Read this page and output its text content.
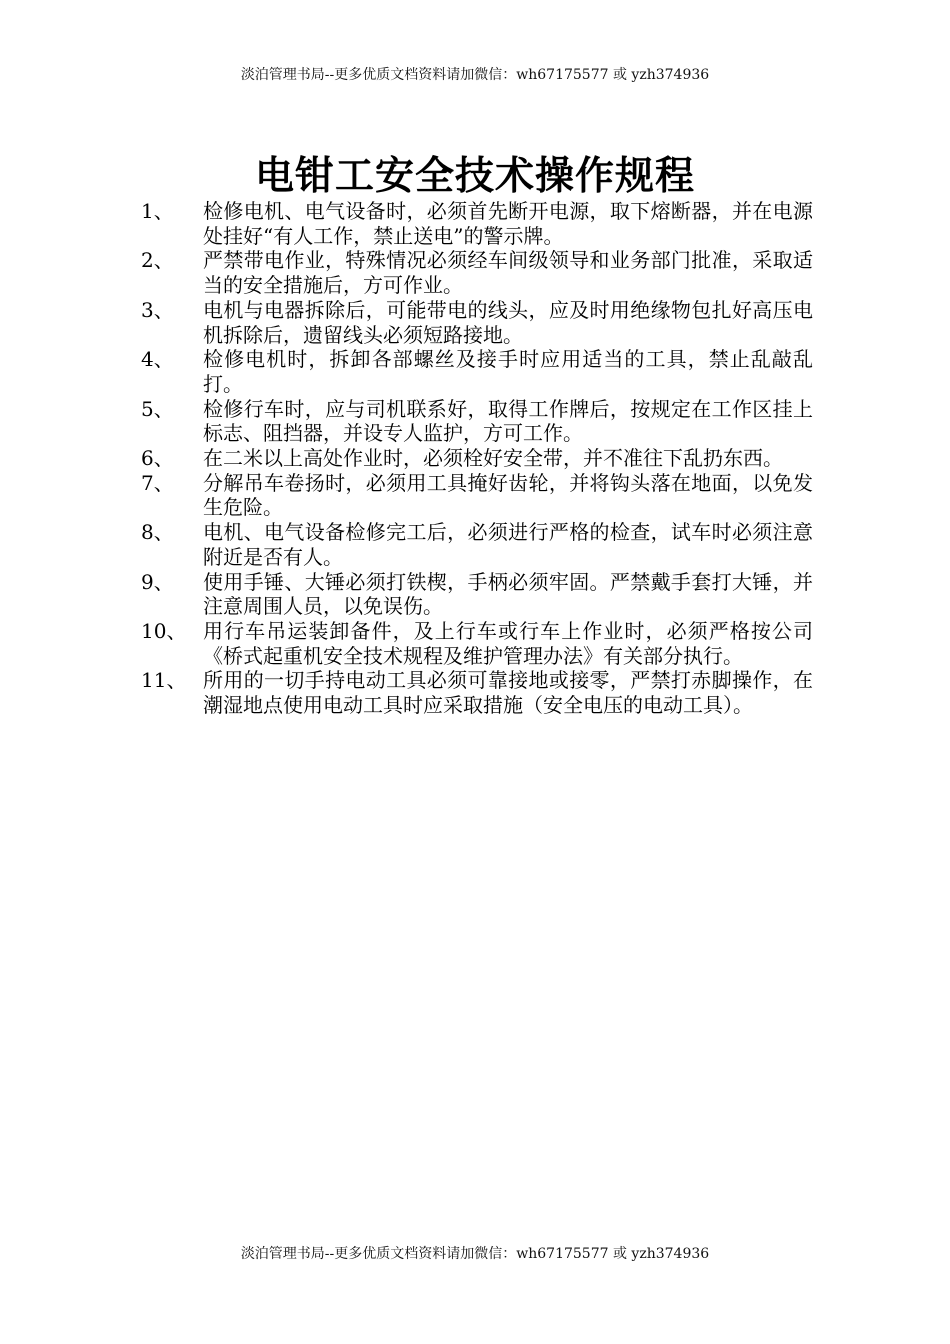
淡泊管理书局--更多优质文档资料请加微信：wh67175577 或 yzh374936
电钳工安全技术操作规程
1、	检修电机、电气设备时，必须首先断开电源，取下熔断器，并在电源处挂好“有人工作，禁止送电”的警示牌。
2、	严禁带电作业，特殊情况必须经车间级领导和业务部门批准，采取适当的安全措施后，方可作业。
3、	电机与电器拆除后，可能带电的线头，应及时用绝缘物包扎好高压电机拆除后，遗留线头必须短路接地。
4、	检修电机时，拆卸各部螺丝及接手时应用适当的工具，禁止乱敲乱打。
5、	检修行车时，应与司机联系好，取得工作牌后，按规定在工作区挂上标志、阻挡器，并设专人监护，方可工作。
6、	在二米以上高处作业时，必须栓好安全带，并不准往下乱扔东西。
7、	分解吊车卷扬时，必须用工具掩好齿轮，并将钩头落在地面，以免发生危险。
8、	电机、电气设备检修完工后，必须进行严格的检查，试车时必须注意附近是否有人。
9、	使用手锤、大锤必须打铁楔，手柄必须牢固。严禁戴手套打大锤，并注意周围人员，以免误伤。
10、 用行车吊运装卸备件，及上行车或行车上作业时，必须严格按公司《桥式起重机安全技术规程及维护管理办法》有关部分执行。
11、 所用的一切手持电动工具必须可靠接地或接零，严禁打赤脚操作，在潮湿地点使用电动工具时应采取措施（安全电压的电动工具）。
淡泊管理书局--更多优质文档资料请加微信：wh67175577 或 yzh374936
